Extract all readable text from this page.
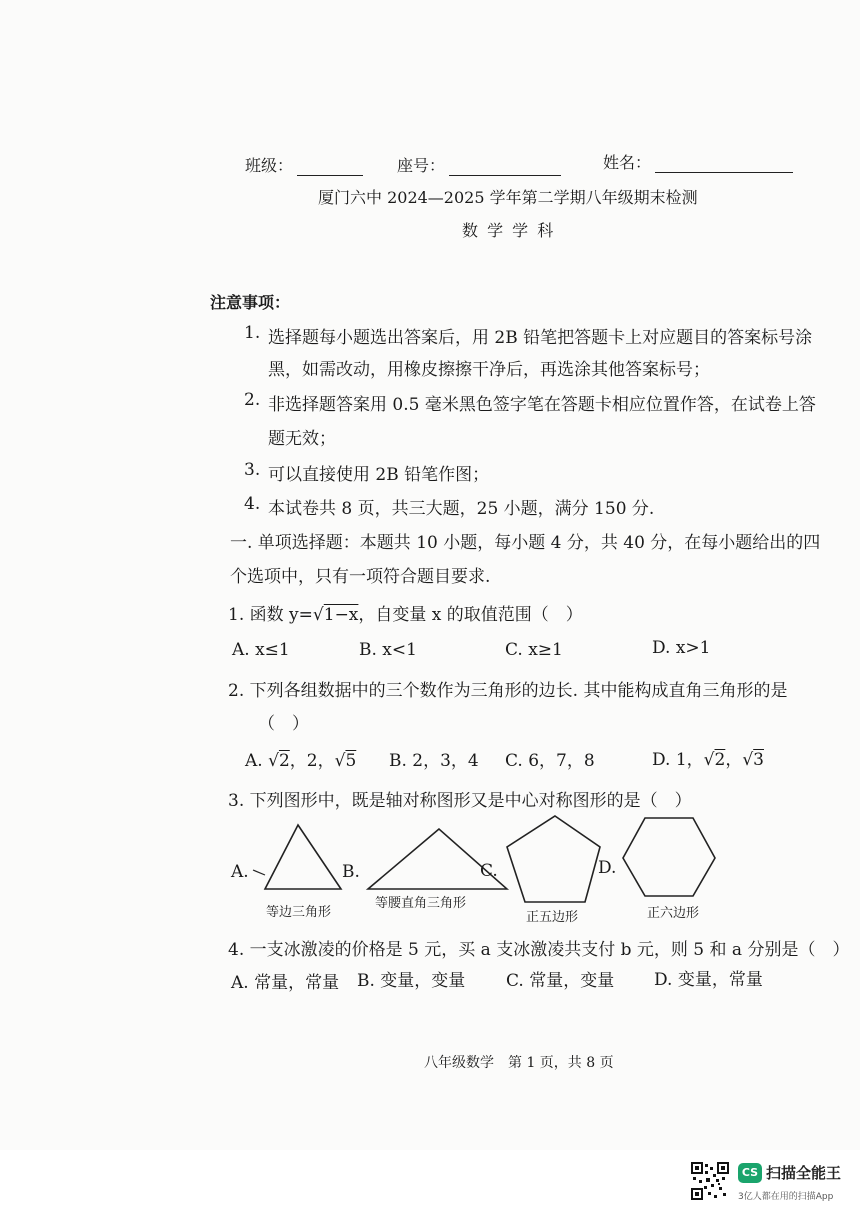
班级：	座号：	姓名：
厦门六中 2024—2025 学年第二学期八年级期末检测
数 学 学 科
注意事项：
1. 选择题每小题选出答案后，用 2B 铅笔把答题卡上对应题目的答案标号涂
黑，如需改动，用橡皮擦擦干净后，再选涂其他答案标号；
2. 非选择题答案用 0.5 毫米黑色签字笔在答题卡相应位置作答，在试卷上答
题无效；
3. 可以直接使用 2B 铅笔作图；
4. 本试卷共 8 页，共三大题，25 小题，满分 150 分.
一. 单项选择题：本题共 10 小题，每小题 4 分，共 40 分，在每小题给出的四
个选项中，只有一项符合题目要求.
1. 函数 y=√1−x，自变量 x 的取值范围（　）
A. x≤1	B. x<1	C. x≥1	D. x>1
2. 下列各组数据中的三个数作为三角形的边长. 其中能构成直角三角形的是
（　）
A. √2，2，√5 B. 2，3，4 C. 6，7，8	D. 1，√2，√3
3. 下列图形中，既是轴对称图形又是中心对称图形的是（　）
A.	B.	C.	D.
等边三角形
等腰直角三角形
正五边形	正六边形
4. 一支冰激凌的价格是 5 元，买 a 支冰激凌共支付 b 元，则 5 和 a 分别是（　）
A. 常量，常量 B. 变量，变量 C. 常量，变量 D. 变量，常量
八年级数学　第 1 页，共 8 页
CS 扫描全能王
3亿人都在用的扫描App
